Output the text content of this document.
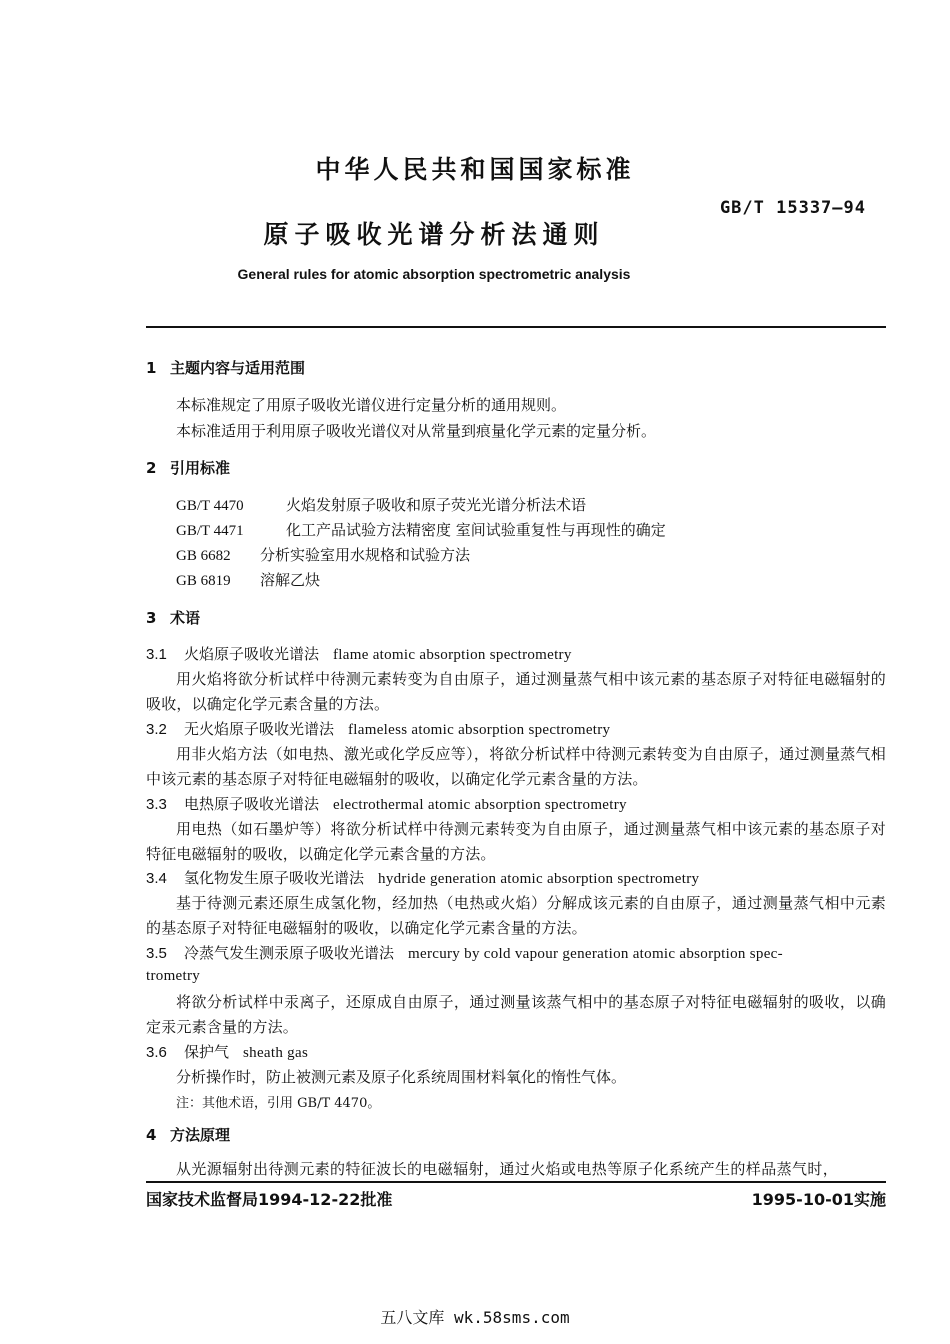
中华人民共和国国家标准
GB/T 15337—94
原子吸收光谱分析法通则
General rules for atomic absorption spectrometric analysis
1 主题内容与适用范围
本标准规定了用原子吸收光谱仪进行定量分析的通用规则。
本标准适用于利用原子吸收光谱仪对从常量到痕量化学元素的定量分析。
2 引用标准
GB/T 4470	火焰发射原子吸收和原子荧光光谱分析法术语
GB/T 4471	化工产品试验方法精密度 室间试验重复性与再现性的确定
GB 6682 分析实验室用水规格和试验方法
GB 6819 溶解乙炔
3 术语
3.1 火焰原子吸收光谱法 flame atomic absorption spectrometry
用火焰将欲分析试样中待测元素转变为自由原子，通过测量蒸气相中该元素的基态原子对特征电磁辐射的吸收，以确定化学元素含量的方法。
3.2 无火焰原子吸收光谱法 flameless atomic absorption spectrometry
用非火焰方法（如电热、激光或化学反应等），将欲分析试样中待测元素转变为自由原子，通过测量蒸气相中该元素的基态原子对特征电磁辐射的吸收，以确定化学元素含量的方法。
3.3 电热原子吸收光谱法 electrothermal atomic absorption spectrometry
用电热（如石墨炉等）将欲分析试样中待测元素转变为自由原子，通过测量蒸气相中该元素的基态原子对特征电磁辐射的吸收，以确定化学元素含量的方法。
3.4 氢化物发生原子吸收光谱法 hydride generation atomic absorption spectrometry
基于待测元素还原生成氢化物，经加热（电热或火焰）分解成该元素的自由原子，通过测量蒸气相中元素的基态原子对特征电磁辐射的吸收，以确定化学元素含量的方法。
3.5 冷蒸气发生测汞原子吸收光谱法 mercury by cold vapour generation atomic absorption spec-
trometry
将欲分析试样中汞离子，还原成自由原子，通过测量该蒸气相中的基态原子对特征电磁辐射的吸收，以确定汞元素含量的方法。
3.6 保护气 sheath gas
分析操作时，防止被测元素及原子化系统周围材料氧化的惰性气体。
注：其他术语，引用 GB/T 4470。
4 方法原理
从光源辐射出待测元素的特征波长的电磁辐射，通过火焰或电热等原子化系统产生的样品蒸气时，
国家技术监督局1994-12-22批准	1995-10-01实施
五八文库 wk.58sms.com
